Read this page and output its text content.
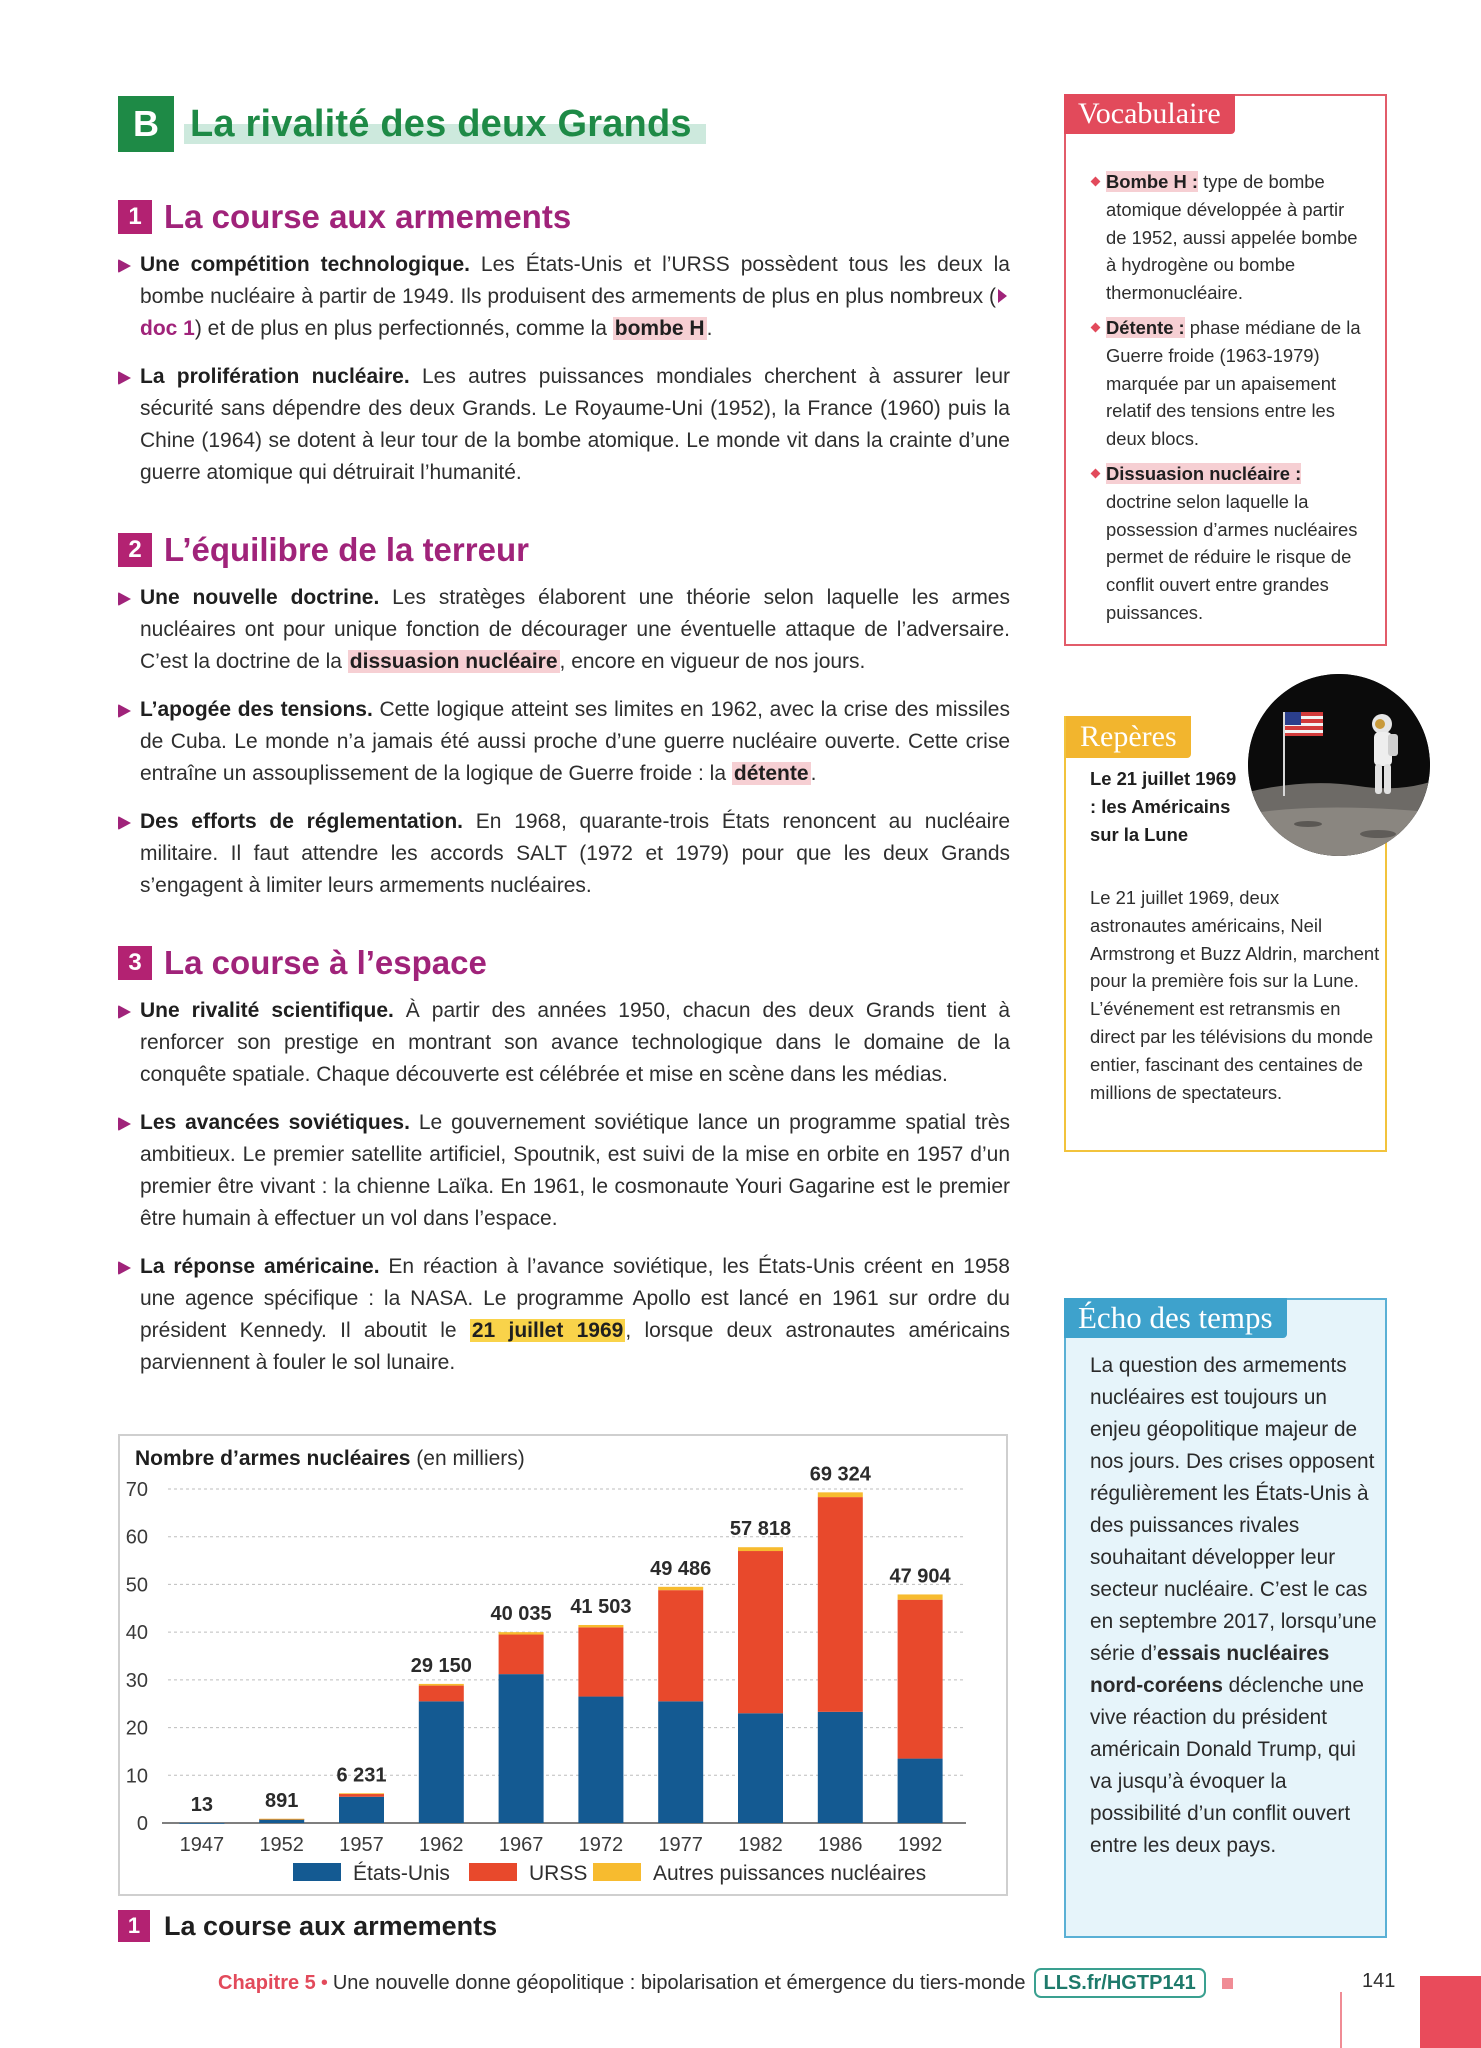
B La rivalité des deux Grands
1 La course aux armements
Une compétition technologique. Les États-Unis et l’URSS possèdent tous les deux la bombe nucléaire à partir de 1949. Ils produisent des armements de plus en plus nombreux (doc 1) et de plus en plus perfectionnés, comme la bombe H.
La prolifération nucléaire. Les autres puissances mondiales cherchent à assurer leur sécurité sans dépendre des deux Grands. Le Royaume-Uni (1952), la France (1960) puis la Chine (1964) se dotent à leur tour de la bombe atomique. Le monde vit dans la crainte d’une guerre atomique qui détruirait l’humanité.
2 L’équilibre de la terreur
Une nouvelle doctrine. Les stratèges élaborent une théorie selon laquelle les armes nucléaires ont pour unique fonction de décourager une éventuelle attaque de l’adversaire. C’est la doctrine de la dissuasion nucléaire, encore en vigueur de nos jours.
L’apogée des tensions. Cette logique atteint ses limites en 1962, avec la crise des missiles de Cuba. Le monde n’a jamais été aussi proche d’une guerre nucléaire ouverte. Cette crise entraîne un assouplissement de la logique de Guerre froide : la détente.
Des efforts de réglementation. En 1968, quarante-trois États renoncent au nucléaire militaire. Il faut attendre les accords SALT (1972 et 1979) pour que les deux Grands s’engagent à limiter leurs armements nucléaires.
3 La course à l’espace
Une rivalité scientifique. À partir des années 1950, chacun des deux Grands tient à renforcer son prestige en montrant son avance technologique dans le domaine de la conquête spatiale. Chaque découverte est célébrée et mise en scène dans les médias.
Les avancées soviétiques. Le gouvernement soviétique lance un programme spatial très ambitieux. Le premier satellite artificiel, Spoutnik, est suivi de la mise en orbite en 1957 d’un premier être vivant : la chienne Laïka. En 1961, le cosmonaute Youri Gagarine est le premier être humain à effectuer un vol dans l’espace.
La réponse américaine. En réaction à l’avance soviétique, les États-Unis créent en 1958 une agence spécifique : la NASA. Le programme Apollo est lancé en 1961 sur ordre du président Kennedy. Il aboutit le 21 juillet 1969, lorsque deux astronautes américains parviennent à fouler le sol lunaire.
Nombre d’armes nucléaires (en milliers)
0
10
20
30
40
50
60
70
13
1947
891
1952
6 231
1957
29 150
1962
40 035
1967
41 503
1972
49 486
1977
57 818
1982
69 324
1986
47 904
1992
États-Unis	URSS	Autres puissances nucléaires
1 La course aux armements
Vocabulaire
Bombe H : type de bombe atomique développée à partir de 1952, aussi appelée bombe à hydrogène ou bombe thermonucléaire.
Détente : phase médiane de la Guerre froide (1963-1979) marquée par un apaisement relatif des tensions entre les deux blocs.
Dissuasion nucléaire : doctrine selon laquelle la possession d’armes nucléaires permet de réduire le risque de conflit ouvert entre grandes puissances.
Repères
Le 21 juillet 1969 : les Américains sur la Lune
Le 21 juillet 1969, deux astronautes américains, Neil Armstrong et Buzz Aldrin, marchent pour la première fois sur la Lune. L’événement est retransmis en direct par les télévisions du monde entier, fascinant des centaines de millions de spectateurs.
Écho des temps
La question des armements nucléaires est toujours un enjeu géopolitique majeur de nos jours. Des crises opposent régulièrement les États-Unis à des puissances rivales souhaitant développer leur secteur nucléaire. C’est le cas en septembre 2017, lorsqu’une série d’essais nucléaires nord-coréens déclenche une vive réaction du président américain Donald Trump, qui va jusqu’à évoquer la possibilité d’un conflit ouvert entre les deux pays.
Chapitre 5 • Une nouvelle donne géopolitique : bipolarisation et émergence du tiers-monde LLS.fr/HGTP141	141
